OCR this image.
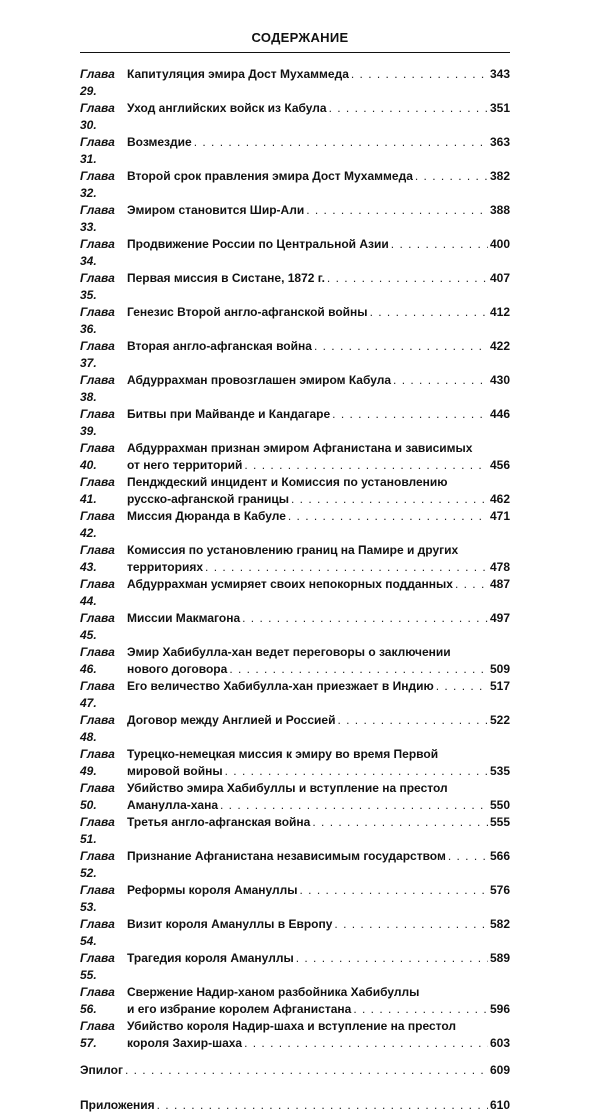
СОДЕРЖАНИЕ
Глава 29.
Капитуляция эмира Дост Мухаммеда . . .	343
Глава 30.
Уход английских войск из Кабула . . .	351
Глава 31.
Возмездие . . .	363
Глава 32.
Второй срок правления эмира Дост Мухаммеда . . .	382
Глава 33.
Эмиром становится Шир-Али . . .	388
Глава 34.
Продвижение России по Центральной Азии . . .	400
Глава 35.
Первая миссия в Систане, 1872 г. . . .	407
Глава 36.
Генезис Второй англо-афганской войны . . .	412
Глава 37.
Вторая англо-афганская война . . .	422
Глава 38.
Абдуррахман провозглашен эмиром Кабула . . .	430
Глава 39.
Битвы при Майванде и Кандагаре . . .	446
Глава 40.
Абдуррахман признан эмиром Афганистана и зависимых
от него территорий . . .	456
Глава 41.
Пендждеский инцидент и Комиссия по установлению
русско-афганской границы . . .	462
Глава 42.
Миссия Дюранда в Кабуле . . .	471
Глава 43.
Комиссия по установлению границ на Памире и других
территориях . . .	478
Глава 44.
Абдуррахман усмиряет своих непокорных подданных . . .	487
Глава 45.
Миссии Макмагона . . .	497
Глава 46.
Эмир Хабибулла-хан ведет переговоры о заключении
нового договора . . .	509
Глава 47.
Его величество Хабибулла-хан приезжает в Индию . . .	517
Глава 48.
Договор между Англией и Россией . . .	522
Глава 49.
Турецко-немецкая миссия к эмиру во время Первой
мировой войны . . .	535
Глава 50.
Убийство эмира Хабибуллы и вступление на престол
Аманулла-хана . . .	550
Глава 51.
Третья англо-афганская война . . .	555
Глава 52.
Признание Афганистана независимым государством . . .	566
Глава 53.
Реформы короля Амануллы . . .	576
Глава 54.
Визит короля Амануллы в Европу . . .	582
Глава 55.
Трагедия короля Амануллы . . .	589
Глава 56.
Свержение Надир-ханом разбойника Хабибуллы
и его избрание королем Афганистана . . .	596
Глава 57.
Убийство короля Надир-шаха и вступление на престол
короля Захир-шаха . . .	603
Эпилог . . .	609
Приложения . . .	610
